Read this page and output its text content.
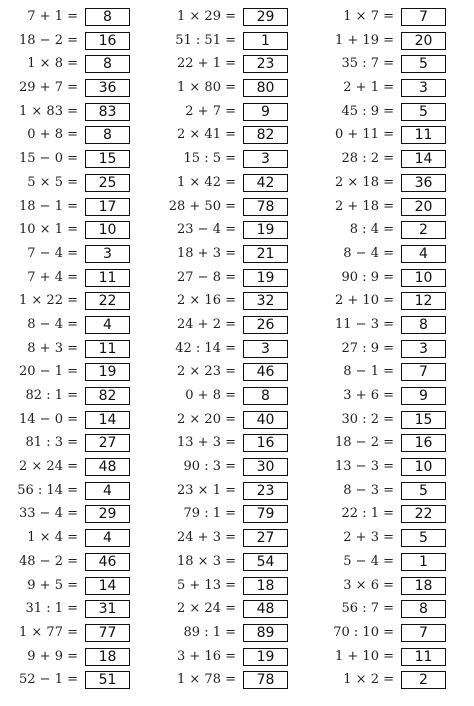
7 + 1 =	8
18 − 2 =	16
1 × 8 =	8
29 + 7 =	36
1 × 83 =	83
0 + 8 =	8
15 − 0 =	15
5 × 5 =	25
18 − 1 =	17
10 × 1 =	10
7 − 4 =	3
7 + 4 =	11
1 × 22 =	22
8 − 4 =	4
8 + 3 =	11
20 − 1 =	19
82 : 1 =	82
14 − 0 =	14
81 : 3 =	27
2 × 24 =	48
56 : 14 =	4
33 − 4 =	29
1 × 4 =	4
48 − 2 =	46
9 + 5 =	14
31 : 1 =	31
1 × 77 =	77
9 + 9 =	18
52 − 1 =	51
1 × 29 =	29
51 : 51 =	1
22 + 1 =	23
1 × 80 =	80
2 + 7 =	9
2 × 41 =	82
15 : 5 =	3
1 × 42 =	42
28 + 50 =	78
23 − 4 =	19
18 + 3 =	21
27 − 8 =	19
2 × 16 =	32
24 + 2 =	26
42 : 14 =	3
2 × 23 =	46
0 + 8 =	8
2 × 20 =	40
13 + 3 =	16
90 : 3 =	30
23 × 1 =	23
79 : 1 =	79
24 + 3 =	27
18 × 3 =	54
5 + 13 =	18
2 × 24 =	48
89 : 1 =	89
3 + 16 =	19
1 × 78 =	78
1 × 7 =	7
1 + 19 =	20
35 : 7 =	5
2 + 1 =	3
45 : 9 =	5
0 + 11 =	11
28 : 2 =	14
2 × 18 =	36
2 + 18 =	20
8 : 4 =	2
8 − 4 =	4
90 : 9 =	10
2 + 10 =	12
11 − 3 =	8
27 : 9 =	3
8 − 1 =	7
3 + 6 =	9
30 : 2 =	15
18 − 2 =	16
13 − 3 =	10
8 − 3 =	5
22 : 1 =	22
2 + 3 =	5
5 − 4 =	1
3 × 6 =	18
56 : 7 =	8
70 : 10 =	7
1 + 10 =	11
1 × 2 =	2
